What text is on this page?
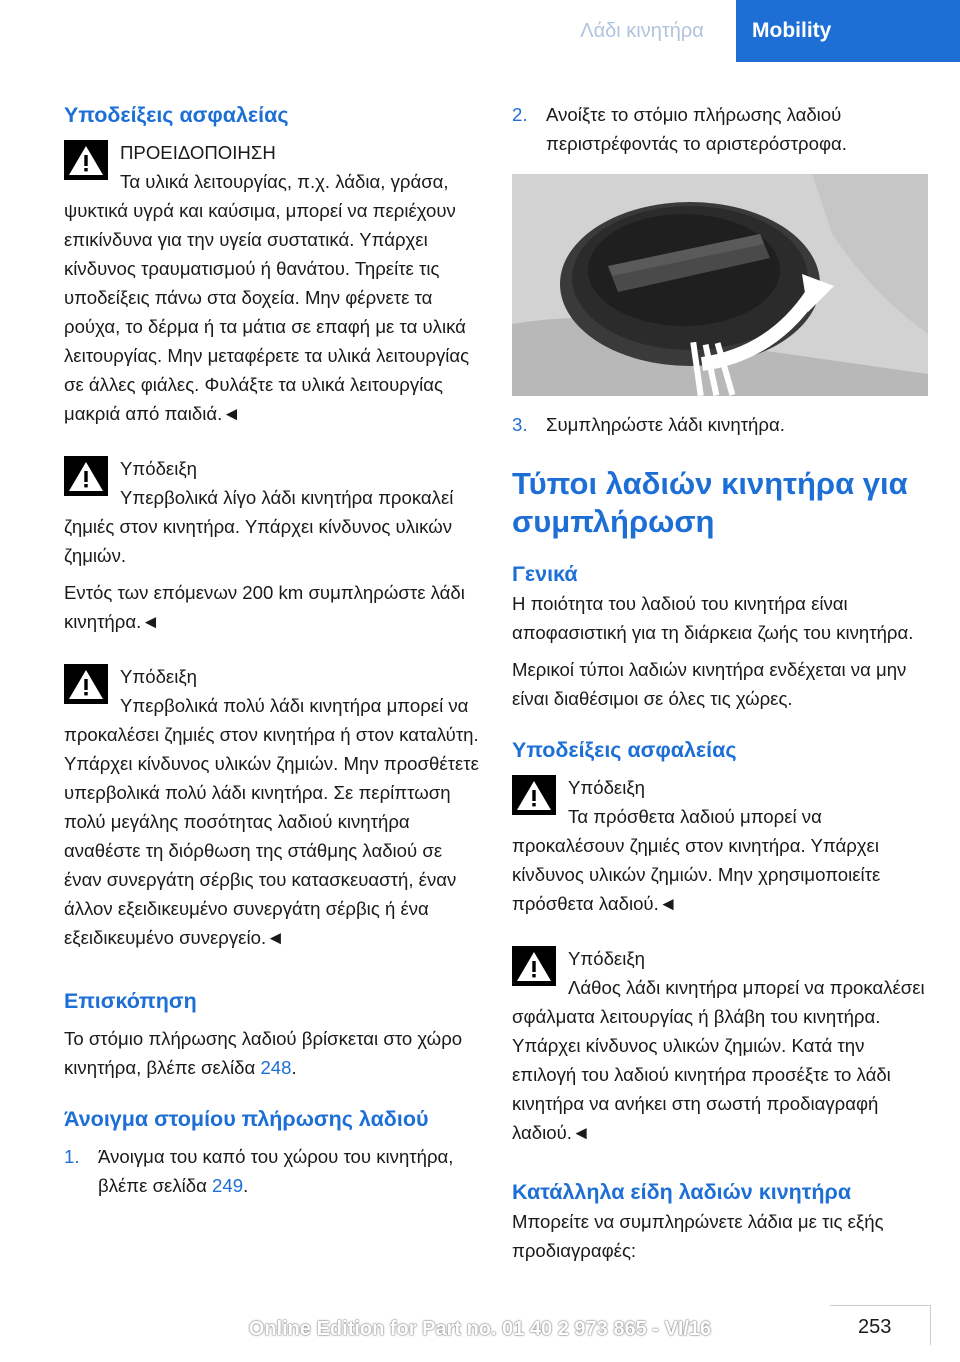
Λάδι κινητήρα	Mobility
Υποδείξεις ασφαλείας

ΠΡΟΕΙΔΟΠΟΙΗΣΗ

Τα υλικά λειτουργίας, π.χ. λάδια, γράσα, ψυκτικά υγρά και καύσιμα, μπορεί να περιέχουν επικίνδυνα για την υγεία συστατικά. Υπάρχει κίνδυνος τραυματισμού ή θανάτου. Τηρείτε τις υποδείξεις πάνω στα δοχεία. Μην φέρνετε τα ρούχα, το δέρμα ή τα μάτια σε επαφή με τα υλικά λειτουργίας. Μην μεταφέρετε τα υλικά λειτουργίας σε άλλες φιάλες. Φυλάξτε τα υλικά λειτουργίας μακριά από παιδιά.◄

Υπόδειξη

Υπερβολικά λίγο λάδι κινητήρα προκαλεί ζημιές στον κινητήρα. Υπάρχει κίνδυνος υλικών ζημιών.

Εντός των επόμενων 200 km συμπληρώστε λάδι κινητήρα.◄

Υπόδειξη

Υπερβολικά πολύ λάδι κινητήρα μπορεί να προκαλέσει ζημιές στον κινητήρα ή στον καταλύτη. Υπάρχει κίνδυνος υλικών ζημιών. Μην προσθέτετε υπερβολικά πολύ λάδι κινητήρα. Σε περίπτωση πολύ μεγάλης ποσότητας λαδιού κινητήρα αναθέστε τη διόρθωση της στάθμης λαδιού σε έναν συνεργάτη σέρβις του κατασκευαστή, έναν άλλον εξειδικευμένο συνεργάτη σέρβις ή ένα εξειδικευμένο συνεργείο.◄

Επισκόπηση

Το στόμιο πλήρωσης λαδιού βρίσκεται στο χώρο κινητήρα, βλέπε σελίδα 248.

Άνοιγμα στομίου πλήρωσης λαδιού
1. Άνοιγμα του καπό του χώρου του κινητήρα, βλέπε σελίδα 249.
2. Ανοίξτε το στόμιο πλήρωσης λαδιού περιστρέφοντάς το αριστερόστροφα.
3. Συμπληρώστε λάδι κινητήρα.
Τύποι λαδιών κινητήρα για συμπλήρωση
Γενικά

Η ποιότητα του λαδιού του κινητήρα είναι αποφασιστική για τη διάρκεια ζωής του κινητήρα.

Μερικοί τύποι λαδιών κινητήρα ενδέχεται να μην είναι διαθέσιμοι σε όλες τις χώρες.

Υποδείξεις ασφαλείας

Υπόδειξη

Τα πρόσθετα λαδιού μπορεί να προκαλέσουν ζημιές στον κινητήρα. Υπάρχει κίνδυνος υλικών ζημιών. Μην χρησιμοποιείτε πρόσθετα λαδιού.◄

Υπόδειξη

Λάθος λάδι κινητήρα μπορεί να προκαλέσει σφάλματα λειτουργίας ή βλάβη του κινητήρα. Υπάρχει κίνδυνος υλικών ζημιών. Κατά την επιλογή του λαδιού κινητήρα προσέξτε το λάδι κινητήρα να ανήκει στη σωστή προδιαγραφή λαδιού.◄

Κατάλληλα είδη λαδιών κινητήρα

Μπορείτε να συμπληρώνετε λάδια με τις εξής προδιαγραφές:

253
Online Edition for Part no. 01 40 2 973 865 - VI/16
